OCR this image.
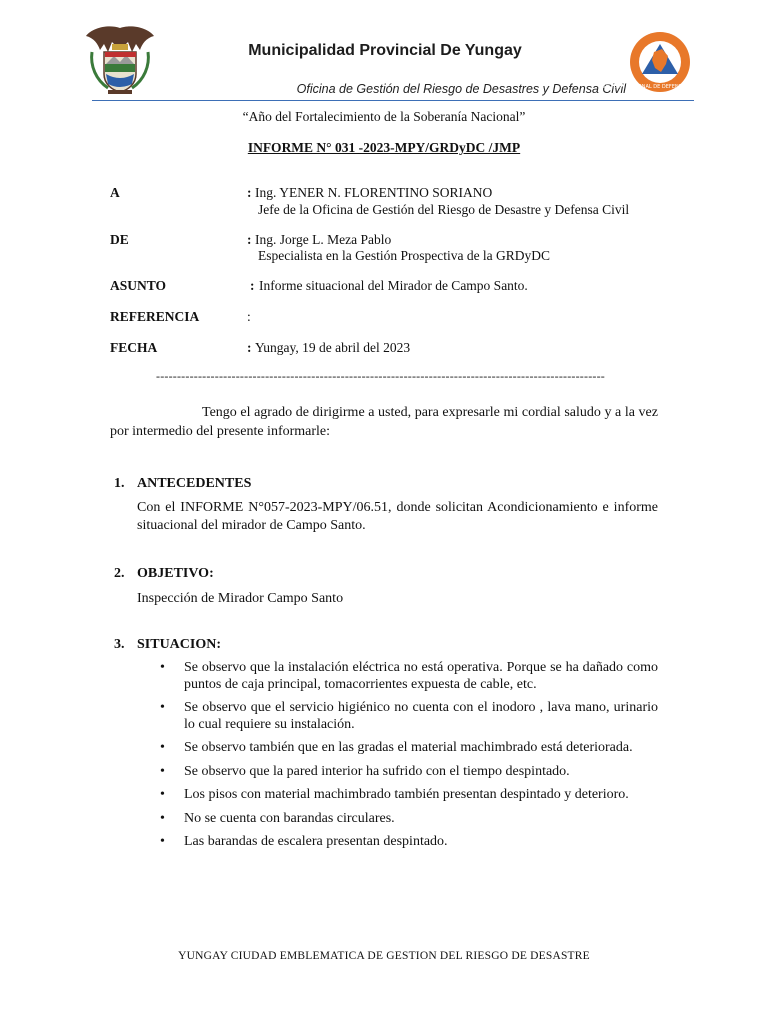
Municipalidad Provincial De Yungay
Oficina de Gestión del Riesgo de Desastres y Defensa Civil
SISTEMA NACIONAL DE DEFENSA CIVIL · PERU
“Año del Fortalecimiento de la Soberanía Nacional”
INFORME N° 031 -2023-MPY/GRDyDC /JMP
A	: Ing. YENER N. FLORENTINO SORIANO
Jefe de la Oficina de Gestión del Riesgo de Desastre y Defensa Civil
DE	: Ing. Jorge L. Meza Pablo
Especialista en la Gestión Prospectiva de la GRDyDC
ASUNTO	: Informe situacional del Mirador de Campo Santo.
REFERENCIA	:
FECHA	: Yungay, 19 de abril del 2023
-----------------------------------------------------------------------------------------------------------
Tengo el agrado de dirigirme a usted, para expresarle mi cordial saludo y a la vez por intermedio del presente informarle:
1. ANTECEDENTES
Con el INFORME N°057-2023-MPY/06.51, donde solicitan Acondicionamiento e informe situacional del mirador de Campo Santo.
2. OBJETIVO:
Inspección de Mirador Campo Santo
3. SITUACION:
• Se observo que la instalación eléctrica no está operativa. Porque se ha dañado como puntos de caja principal, tomacorrientes expuesta de cable, etc.
• Se observo que el servicio higiénico no cuenta con el inodoro , lava mano, urinario lo cual requiere su instalación.
• Se observo también que en las gradas el material machimbrado está deteriorada.
• Se observo que la pared interior ha sufrido con el tiempo despintado.
• Los pisos con material machimbrado también presentan despintado y deterioro.
• No se cuenta con barandas circulares.
• Las barandas de escalera presentan despintado.
YUNGAY CIUDAD EMBLEMATICA DE GESTION DEL RIESGO DE DESASTRE
